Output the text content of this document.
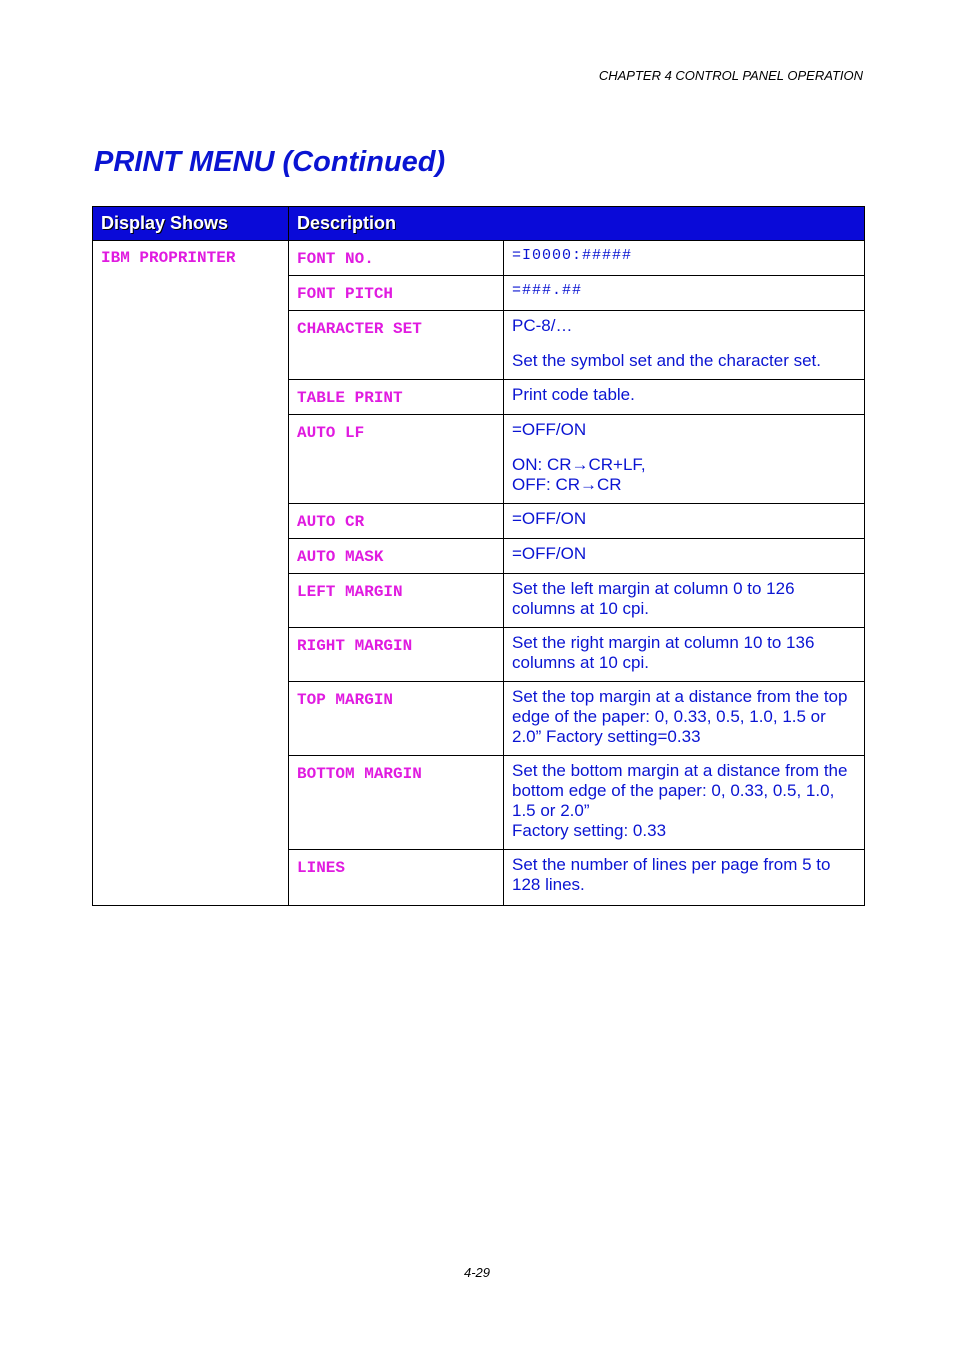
CHAPTER 4 CONTROL PANEL OPERATION
PRINT MENU (Continued)
Display Shows	Description	
IBM PROPRINTER	FONT NO.	=I0000:#####

	FONT PITCH	=###.##

	CHARACTER SET	PC-8/…

Set the symbol set and the character set.

	TABLE PRINT	Print code table.

	AUTO LF	=OFF/ON

ON: CR→CR+LF,

OFF: CR→CR

	AUTO CR	=OFF/ON

	AUTO MASK	=OFF/ON

	LEFT MARGIN	Set the left margin at column 0 to 126 columns at 10 cpi.

	RIGHT MARGIN	Set the right margin at column 10 to 136 columns at 10 cpi.

	TOP MARGIN	Set the top margin at a distance from the top edge of the paper: 0, 0.33, 0.5, 1.0, 1.5 or 2.0” Factory setting=0.33

	BOTTOM MARGIN	Set the bottom margin at a distance from the bottom edge of the paper: 0, 0.33, 0.5, 1.0, 1.5 or 2.0”

Factory setting: 0.33

	LINES	Set the number of lines per page from 5 to 128 lines.

4-29
